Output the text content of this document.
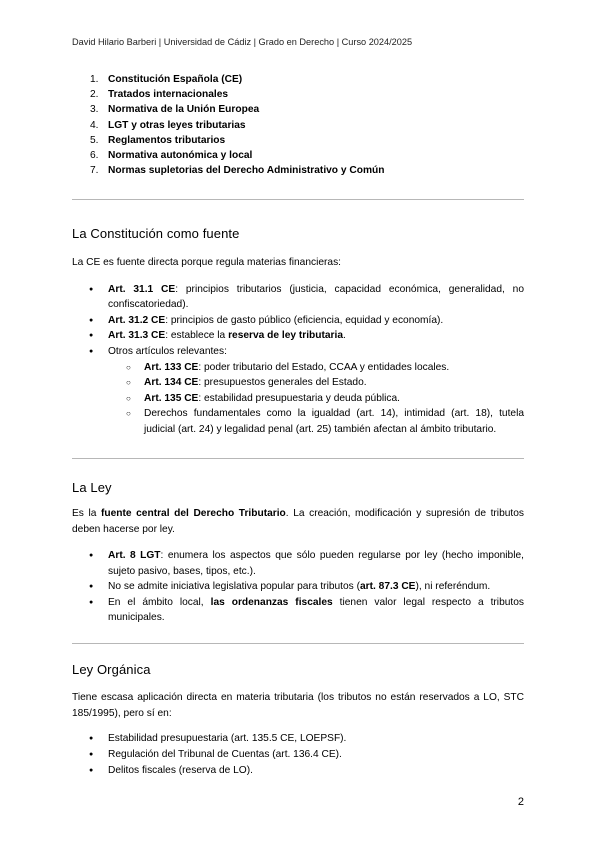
David Hilario Barberi | Universidad de Cádiz | Grado en Derecho | Curso 2024/2025
1. Constitución Española (CE)
2. Tratados internacionales
3. Normativa de la Unión Europea
4. LGT y otras leyes tributarias
5. Reglamentos tributarios
6. Normativa autonómica y local
7. Normas supletorias del Derecho Administrativo y Común
La Constitución como fuente

La CE es fuente directa porque regula materias financieras:

● Art. 31.1 CE: principios tributarios (justicia, capacidad económica, generalidad, no confiscatoriedad).
● Art. 31.2 CE: principios de gasto público (eficiencia, equidad y economía).
● Art. 31.3 CE: establece la reserva de ley tributaria.
● Otros artículos relevantes:
○ Art. 133 CE: poder tributario del Estado, CCAA y entidades locales.
○ Art. 134 CE: presupuestos generales del Estado.
○ Art. 135 CE: estabilidad presupuestaria y deuda pública.
○ Derechos fundamentales como la igualdad (art. 14), intimidad (art. 18), tutela judicial (art. 24) y legalidad penal (art. 25) también afectan al ámbito tributario.
La Ley

Es la fuente central del Derecho Tributario. La creación, modificación y supresión de tributos deben hacerse por ley.

● Art. 8 LGT: enumera los aspectos que sólo pueden regularse por ley (hecho imponible, sujeto pasivo, bases, tipos, etc.).
● No se admite iniciativa legislativa popular para tributos (art. 87.3 CE), ni referéndum.
● En el ámbito local, las ordenanzas fiscales tienen valor legal respecto a tributos municipales.
Ley Orgánica

Tiene escasa aplicación directa en materia tributaria (los tributos no están reservados a LO, STC 185/1995), pero sí en:

● Estabilidad presupuestaria (art. 135.5 CE, LOEPSF).
● Regulación del Tribunal de Cuentas (art. 136.4 CE).
● Delitos fiscales (reserva de LO).
2
